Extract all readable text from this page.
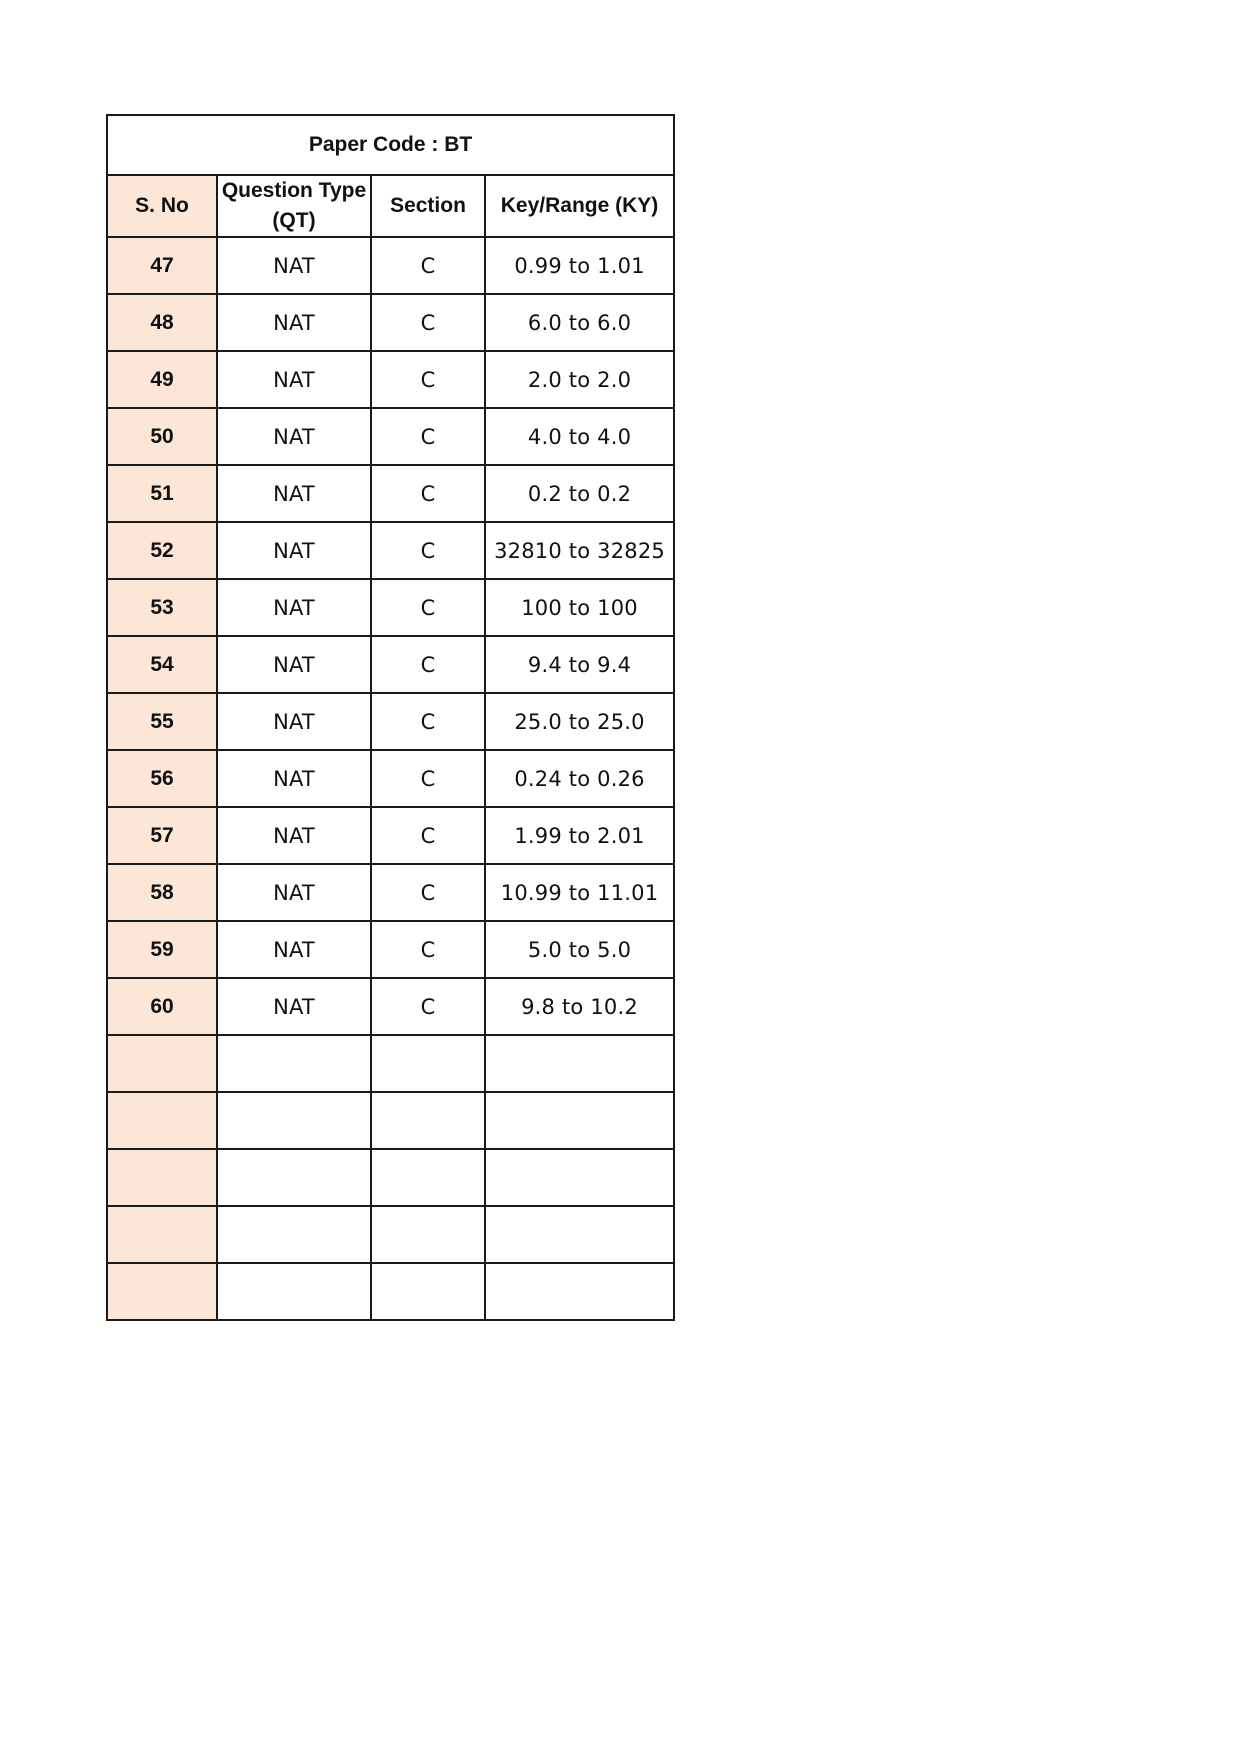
Paper Code : BT			
S. No	Question Type (QT)	Section	Key/Range (KY)
47	NAT	C	0.99 to 1.01
48	NAT	C	6.0 to 6.0
49	NAT	C	2.0 to 2.0
50	NAT	C	4.0 to 4.0
51	NAT	C	0.2 to 0.2
52	NAT	C	32810 to 32825
53	NAT	C	100 to 100
54	NAT	C	9.4 to 9.4
55	NAT	C	25.0 to 25.0
56	NAT	C	0.24 to 0.26
57	NAT	C	1.99 to 2.01
58	NAT	C	10.99 to 11.01
59	NAT	C	5.0 to 5.0
60	NAT	C	9.8 to 10.2
